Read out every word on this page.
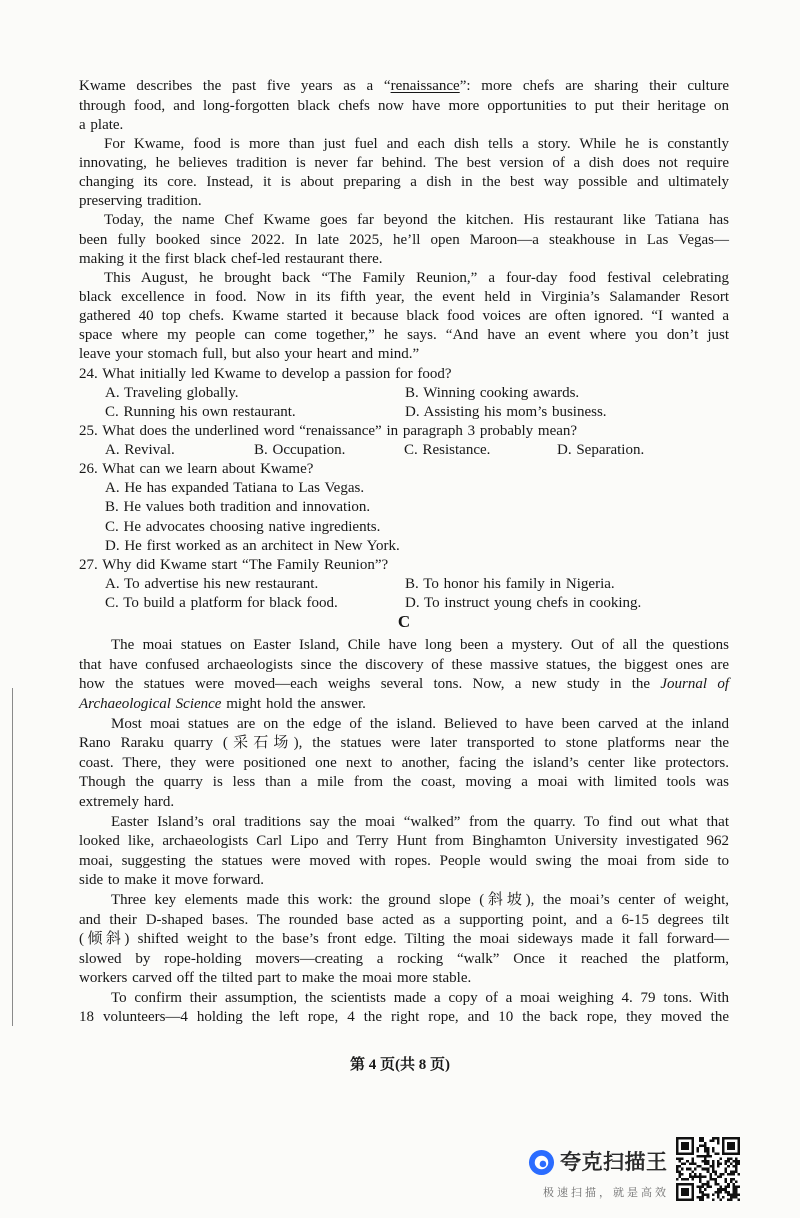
Kwame describes the past five years as a “renaissance”: more chefs are sharing their culture
through food, and long-forgotten black chefs now have more opportunities to put their heritage on
a plate.
For Kwame, food is more than just fuel and each dish tells a story. While he is constantly
innovating, he believes tradition is never far behind. The best version of a dish does not require
changing its core. Instead, it is about preparing a dish in the best way possible and ultimately
preserving tradition.
Today, the name Chef Kwame goes far beyond the kitchen. His restaurant like Tatiana has
been fully booked since 2022. In late 2025, he’ll open Maroon—a steakhouse in Las Vegas—
making it the first black chef-led restaurant there.
This August, he brought back “The Family Reunion,” a four-day food festival celebrating
black excellence in food. Now in its fifth year, the event held in Virginia’s Salamander Resort
gathered 40 top chefs. Kwame started it because black food voices are often ignored. “I wanted a
space where my people can come together,” he says. “And have an event where you don’t just
leave your stomach full, but also your heart and mind.”
24. What initially led Kwame to develop a passion for food?
A. Traveling globally.	B. Winning cooking awards.
C. Running his own restaurant.	D. Assisting his mom’s business.
25. What does the underlined word “renaissance” in paragraph 3 probably mean?
A. Revival.	B. Occupation.	C. Resistance.	D. Separation.
26. What can we learn about Kwame?
A. He has expanded Tatiana to Las Vegas.
B. He values both tradition and innovation.
C. He advocates choosing native ingredients.
D. He first worked as an architect in New York.
27. Why did Kwame start “The Family Reunion”?
A. To advertise his new restaurant.	B. To honor his family in Nigeria.
C. To build a platform for black food.	D. To instruct young chefs in cooking.
C
The moai statues on Easter Island, Chile have long been a mystery. Out of all the questions
that have confused archaeologists since the discovery of these massive statues, the biggest ones are
how the statues were moved—each weighs several tons. Now, a new study in the Journal of
Archaeological Science might hold the answer.
Most moai statues are on the edge of the island. Believed to have been carved at the inland
Rano Raraku quarry (采石场), the statues were later transported to stone platforms near the
coast. There, they were positioned one next to another, facing the island’s center like protectors.
Though the quarry is less than a mile from the coast, moving a moai with limited tools was
extremely hard.
Easter Island’s oral traditions say the moai “walked” from the quarry. To find out what that
looked like, archaeologists Carl Lipo and Terry Hunt from Binghamton University investigated 962
moai, suggesting the statues were moved with ropes. People would swing the moai from side to
side to make it move forward.
Three key elements made this work: the ground slope (斜坡), the moai’s center of weight,
and their D-shaped bases. The rounded base acted as a supporting point, and a 6-15 degrees tilt
(倾斜) shifted weight to the base’s front edge. Tilting the moai sideways made it fall forward—
slowed by rope-holding movers—creating a rocking “walk” Once it reached the platform,
workers carved off the tilted part to make the moai more stable.
To confirm their assumption, the scientists made a copy of a moai weighing 4. 79 tons. With
18 volunteers—4 holding the left rope, 4 the right rope, and 10 the back rope, they moved the
第 4 页(共 8 页)
夸克扫描王
极速扫描，就是高效
